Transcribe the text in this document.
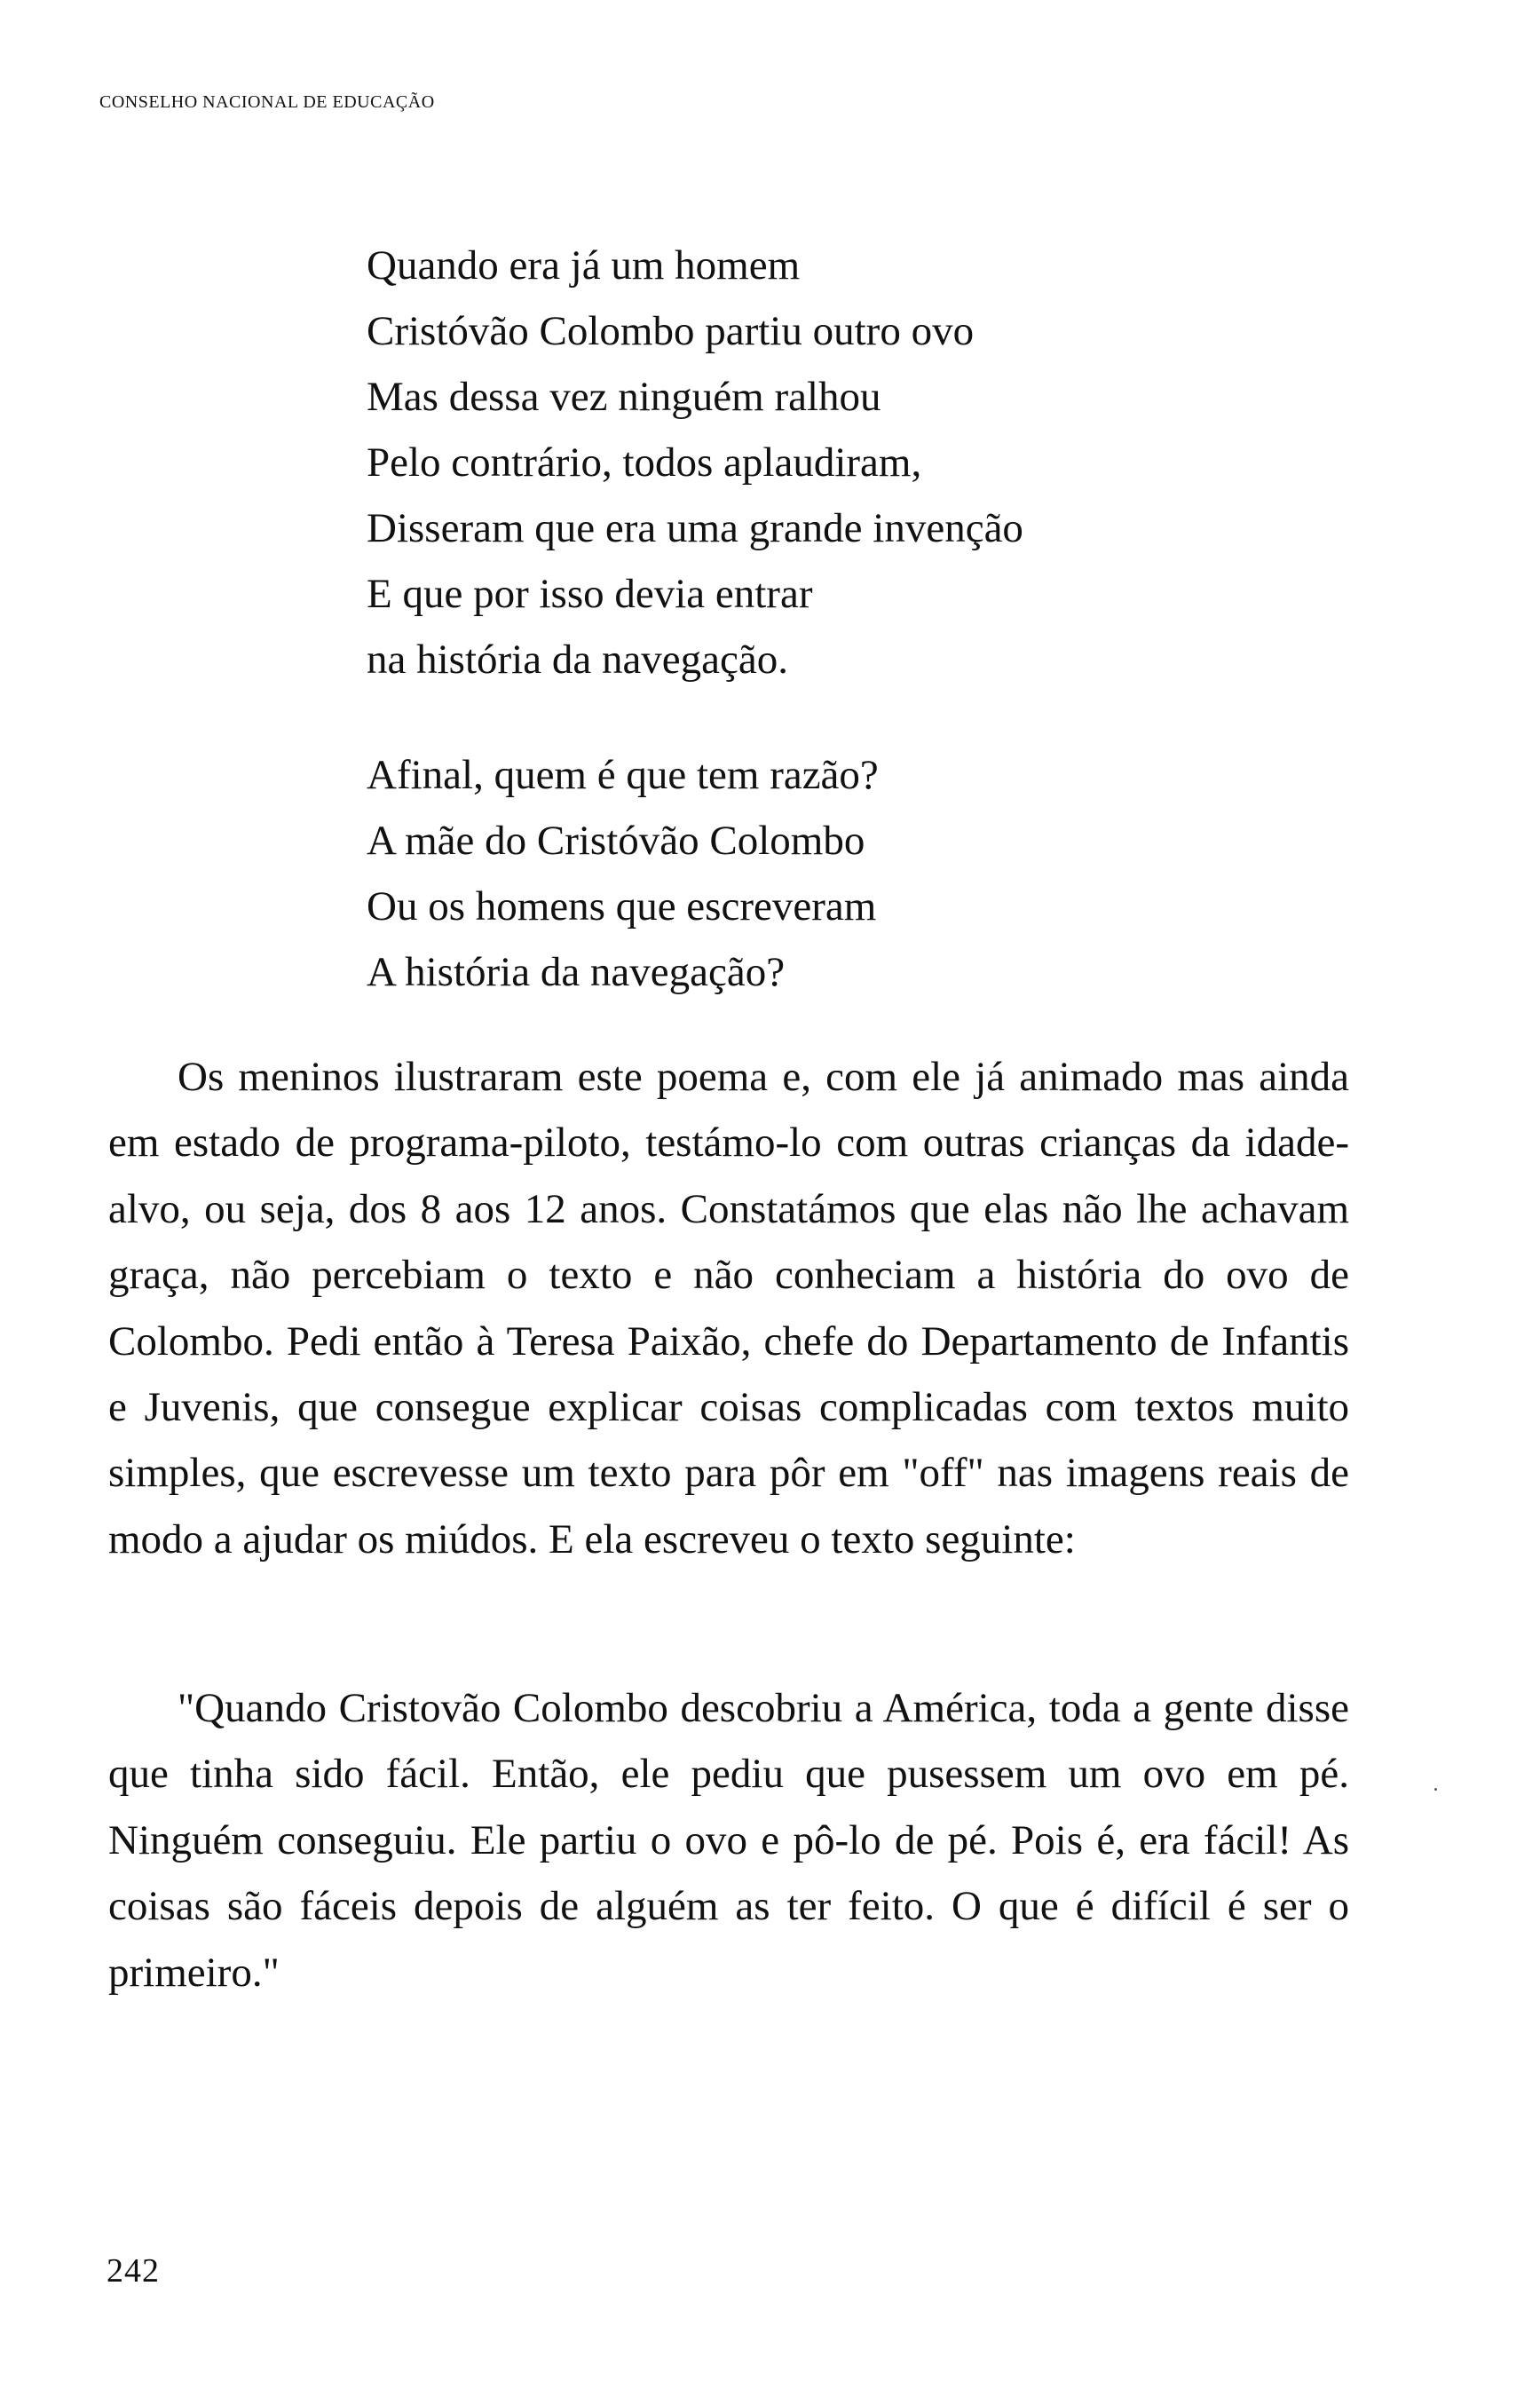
CONSELHO NACIONAL DE EDUCAÇÃO
Quando era já um homem
Cristóvão Colombo partiu outro ovo
Mas dessa vez ninguém ralhou
Pelo contrário, todos aplaudiram,
Disseram que era uma grande invenção
E que por isso devia entrar
na história da navegação.
Afinal, quem é que tem razão?
A mãe do Cristóvão Colombo
Ou os homens que escreveram
A história da navegação?

Os meninos ilustraram este poema e, com ele já animado mas ainda em estado de programa-piloto, testámo-lo com outras crianças da idade-alvo, ou seja, dos 8 aos 12 anos. Constatámos que elas não lhe achavam graça, não percebiam o texto e não conheciam a história do ovo de Colombo. Pedi então à Teresa Paixão, chefe do Departamento de Infantis e Juvenis, que consegue explicar coisas complicadas com textos muito simples, que escrevesse um texto para pôr em "off" nas imagens reais de modo a ajudar os miúdos. E ela escreveu o texto seguinte:

"Quando Cristovão Colombo descobriu a América, toda a gente disse que tinha sido fácil. Então, ele pediu que pusessem um ovo em pé. Ninguém conseguiu. Ele partiu o ovo e pô-lo de pé. Pois é, era fácil! As coisas são fáceis depois de alguém as ter feito. O que é difícil é ser o primeiro."

242
